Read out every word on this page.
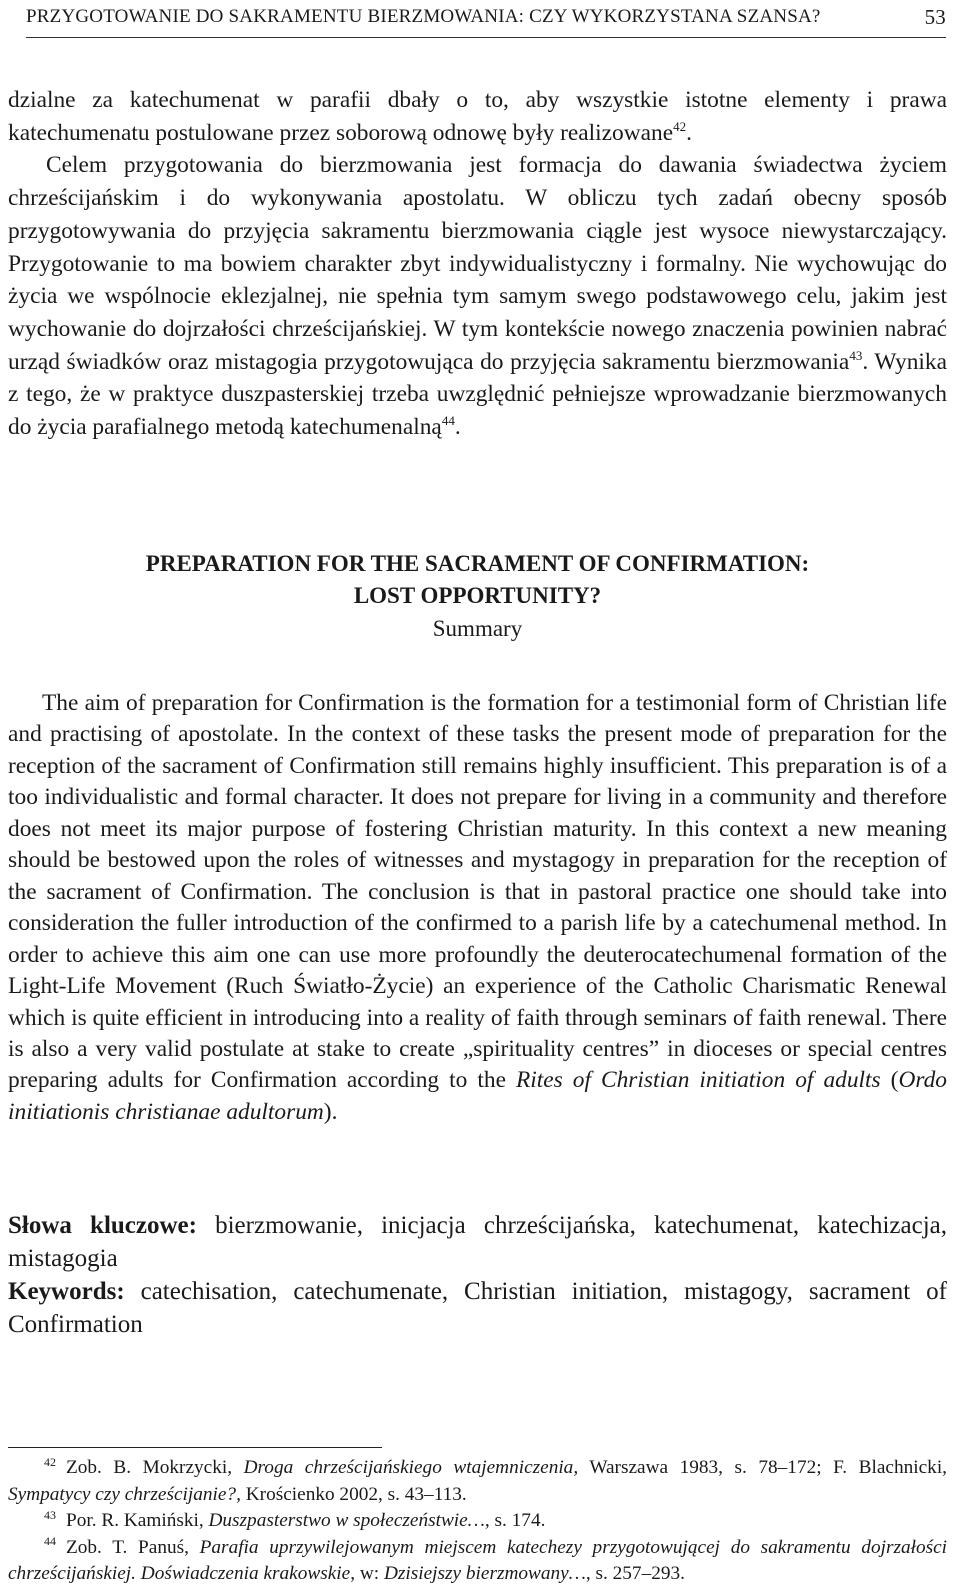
PRZYGOTOWANIE DO SAKRAMENTU BIERZMOWANIA: CZY WYKORZYSTANA SZANSA?	53

dzialne za katechumenat w parafii dbały o to, aby wszystkie istotne elementy i prawa katechumenatu postulowane przez soborową odnowę były realizowane$^{42}$.

Celem przygotowania do bierzmowania jest formacja do dawania świadectwa życiem chrześcijańskim i do wykonywania apostolatu. W obliczu tych zadań obecny sposób przygotowywania do przyjęcia sakramentu bierzmowania ciągle jest wysoce niewystarczający. Przygotowanie to ma bowiem charakter zbyt indywidualistyczny i formalny. Nie wychowując do życia we wspólnocie eklezjalnej, nie spełnia tym samym swego podstawowego celu, jakim jest wychowanie do dojrzałości chrześcijańskiej. W tym kontekście nowego znaczenia powinien nabrać urząd świadków oraz mistagogia przygotowująca do przyjęcia sakramentu bierzmowania$^{43}$. Wynika z tego, że w praktyce duszpasterskiej trzeba uwzględnić pełniejsze wprowadzanie bierzmowanych do życia parafialnego metodą katechumenalną$^{44}$.

PREPARATION FOR THE SACRAMENT OF CONFIRMATION:
LOST OPPORTUNITY?
Summary

The aim of preparation for Confirmation is the formation for a testimonial form of Christian life and practising of apostolate. In the context of these tasks the present mode of preparation for the reception of the sacrament of Confirmation still remains highly insufficient. This preparation is of a too individualistic and formal character. It does not prepare for living in a community and therefore does not meet its major purpose of fostering Christian maturity. In this context a new meaning should be bestowed upon the roles of witnesses and mystagogy in preparation for the reception of the sacrament of Confirmation. The conclusion is that in pastoral practice one should take into consideration the fuller introduction of the confirmed to a parish life by a catechumenal method. In order to achieve this aim one can use more profoundly the deuterocatechumenal formation of the Light-Life Movement (Ruch Światło-Życie) an experience of the Catholic Charismatic Renewal which is quite efficient in introducing into a reality of faith through seminars of faith renewal. There is also a very valid postulate at stake to create „spirituality centres” in dioceses or special centres preparing adults for Confirmation according to the Rites of Christian initiation of adults (Ordo initiationis christianae adultorum).

Słowa kluczowe: bierzmowanie, inicjacja chrześcijańska, katechumenat, katechizacja, mistagogia

Keywords: catechisation, catechumenate, Christian initiation, mistagogy, sacrament of Confirmation

$^{42}$ Zob. B. Mokrzycki, Droga chrześcijańskiego wtajemniczenia, Warszawa 1983, s. 78–172; F. Blachnicki, Sympatycy czy chrześcijanie?, Krościenko 2002, s. 43–113.

$^{43}$ Por. R. Kamiński, Duszpasterstwo w społeczeństwie…, s. 174.

$^{44}$ Zob. T. Panuś, Parafia uprzywilejowanym miejscem katechezy przygotowującej do sakramentu dojrzałości chrześcijańskiej. Doświadczenia krakowskie, w: Dzisiejszy bierzmowany…, s. 257–293.
